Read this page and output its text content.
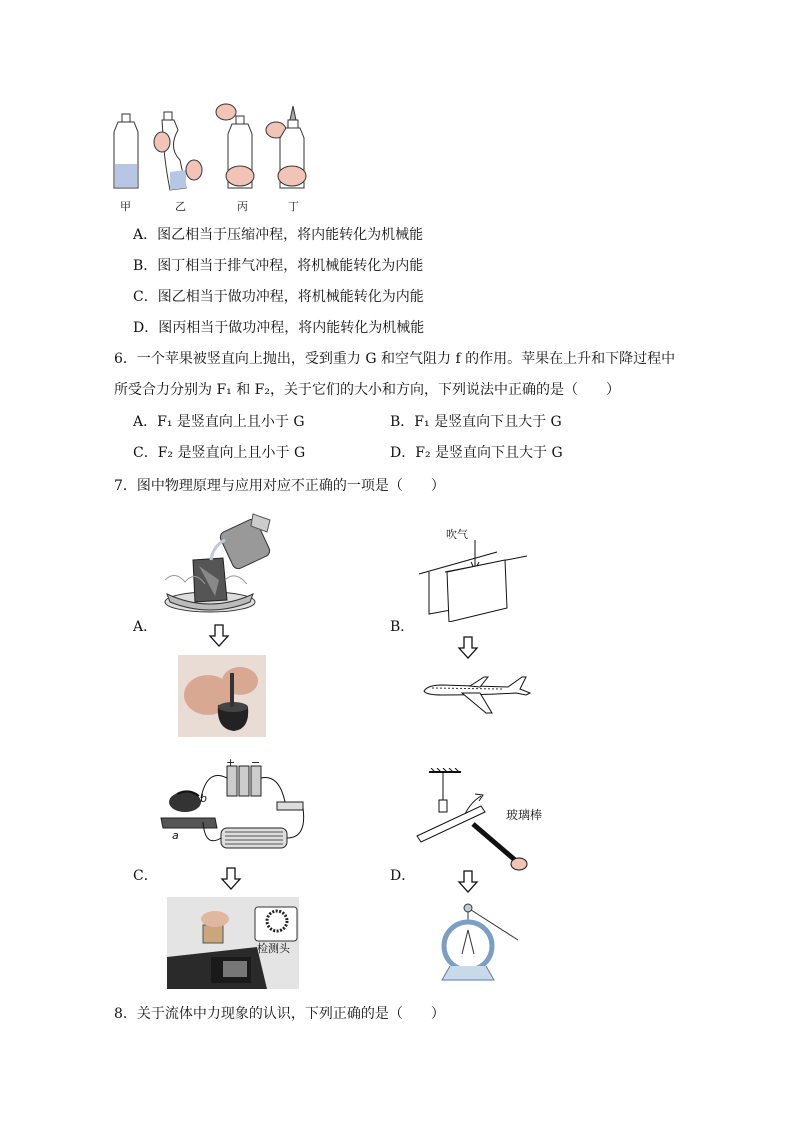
甲	乙	丙	丁
A．图乙相当于压缩冲程，将内能转化为机械能
B．图丁相当于排气冲程，将机械能转化为内能
C．图乙相当于做功冲程，将机械能转化为内能
D．图丙相当于做功冲程，将内能转化为机械能
6．一个苹果被竖直向上抛出，受到重力 G 和空气阻力 f 的作用。苹果在上升和下降过程中
所受合力分别为 F₁ 和 F₂，关于它们的大小和方向，下列说法中正确的是（　　）
A．F₁ 是竖直向上且小于 G	B．F₁ 是竖直向下且大于 G
C．F₂ 是竖直向上且小于 G	D．F₂ 是竖直向下且大于 G
7．图中物理原理与应用对应不正确的一项是（　　）
A．
吹气
B．
+ −
b
a
C．
检测头
玻璃棒
D．
8．关于流体中力现象的认识，下列正确的是（　　）
